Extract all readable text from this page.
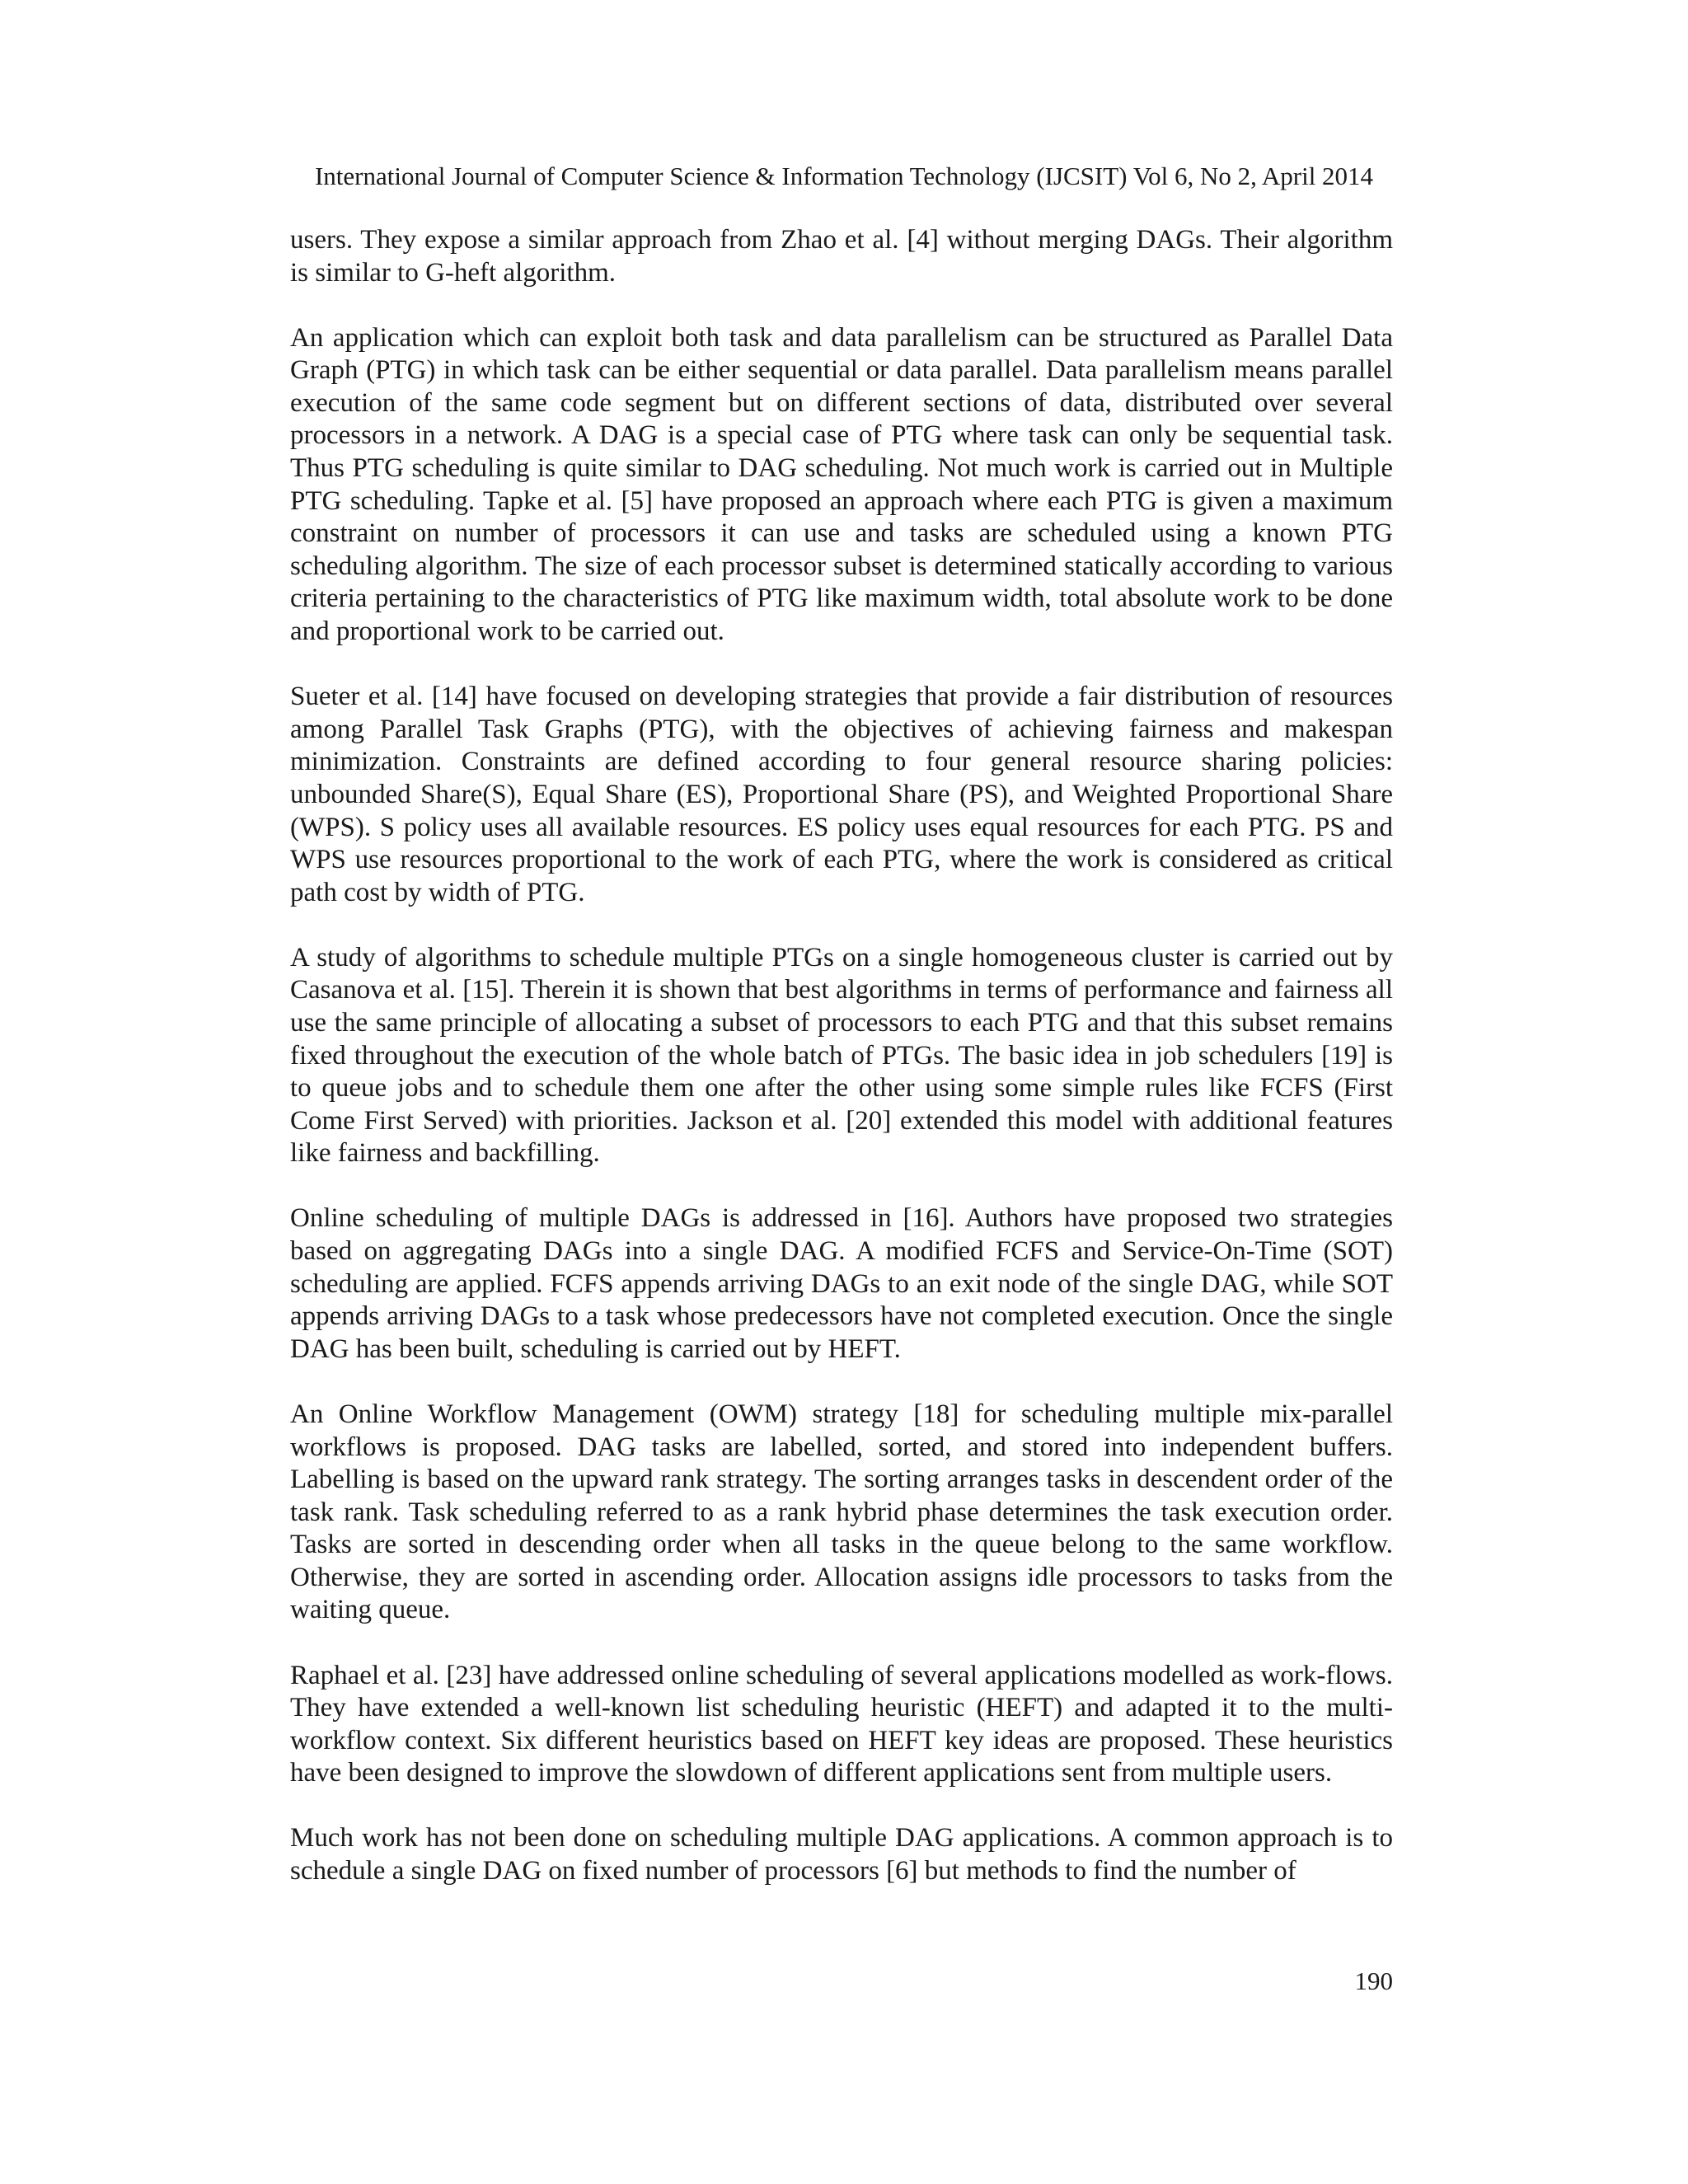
International Journal of Computer Science & Information Technology (IJCSIT) Vol 6, No 2, April 2014

users. They expose a similar approach from Zhao et al. [4] without merging DAGs. Their algorithm is similar to G-heft algorithm.

An application which can exploit both task and data parallelism can be structured as Parallel Data Graph (PTG) in which task can be either sequential or data parallel. Data parallelism means parallel execution of the same code segment but on different sections of data, distributed over several processors in a network. A DAG is a special case of PTG where task can only be sequential task. Thus PTG scheduling is quite similar to DAG scheduling. Not much work is carried out in Multiple PTG scheduling. Tapke et al. [5] have proposed an approach where each PTG is given a maximum constraint on number of processors it can use and tasks are scheduled using a known PTG scheduling algorithm. The size of each processor subset is determined statically according to various criteria pertaining to the characteristics of PTG like maximum width, total absolute work to be done and proportional work to be carried out.

Sueter et al. [14] have focused on developing strategies that provide a fair distribution of resources among Parallel Task Graphs (PTG), with the objectives of achieving fairness and makespan minimization. Constraints are defined according to four general resource sharing policies: unbounded Share(S), Equal Share (ES), Proportional Share (PS), and Weighted Proportional Share (WPS). S policy uses all available resources. ES policy uses equal resources for each PTG. PS and WPS use resources proportional to the work of each PTG, where the work is considered as critical path cost by width of PTG.

A study of algorithms to schedule multiple PTGs on a single homogeneous cluster is carried out by Casanova et al. [15]. Therein it is shown that best algorithms in terms of performance and fairness all use the same principle of allocating a subset of processors to each PTG and that this subset remains fixed throughout the execution of the whole batch of PTGs. The basic idea in job schedulers [19] is to queue jobs and to schedule them one after the other using some simple rules like FCFS (First Come First Served) with priorities. Jackson et al. [20] extended this model with additional features like fairness and backfilling.

Online scheduling of multiple DAGs is addressed in [16]. Authors have proposed two strategies based on aggregating DAGs into a single DAG. A modified FCFS and Service-On-Time (SOT) scheduling are applied. FCFS appends arriving DAGs to an exit node of the single DAG, while SOT appends arriving DAGs to a task whose predecessors have not completed execution. Once the single DAG has been built, scheduling is carried out by HEFT.

An Online Workflow Management (OWM) strategy [18] for scheduling multiple mix-parallel workflows is proposed. DAG tasks are labelled, sorted, and stored into independent buffers. Labelling is based on the upward rank strategy. The sorting arranges tasks in descendent order of the task rank. Task scheduling referred to as a rank hybrid phase determines the task execution order. Tasks are sorted in descending order when all tasks in the queue belong to the same workflow. Otherwise, they are sorted in ascending order. Allocation assigns idle processors to tasks from the waiting queue.

Raphael et al. [23] have addressed online scheduling of several applications modelled as work-flows. They have extended a well-known list scheduling heuristic (HEFT) and adapted it to the multi-workflow context. Six different heuristics based on HEFT key ideas are proposed. These heuristics have been designed to improve the slowdown of different applications sent from multiple users.

Much work has not been done on scheduling multiple DAG applications. A common approach is to schedule a single DAG on fixed number of processors [6] but methods to find the number of

190
